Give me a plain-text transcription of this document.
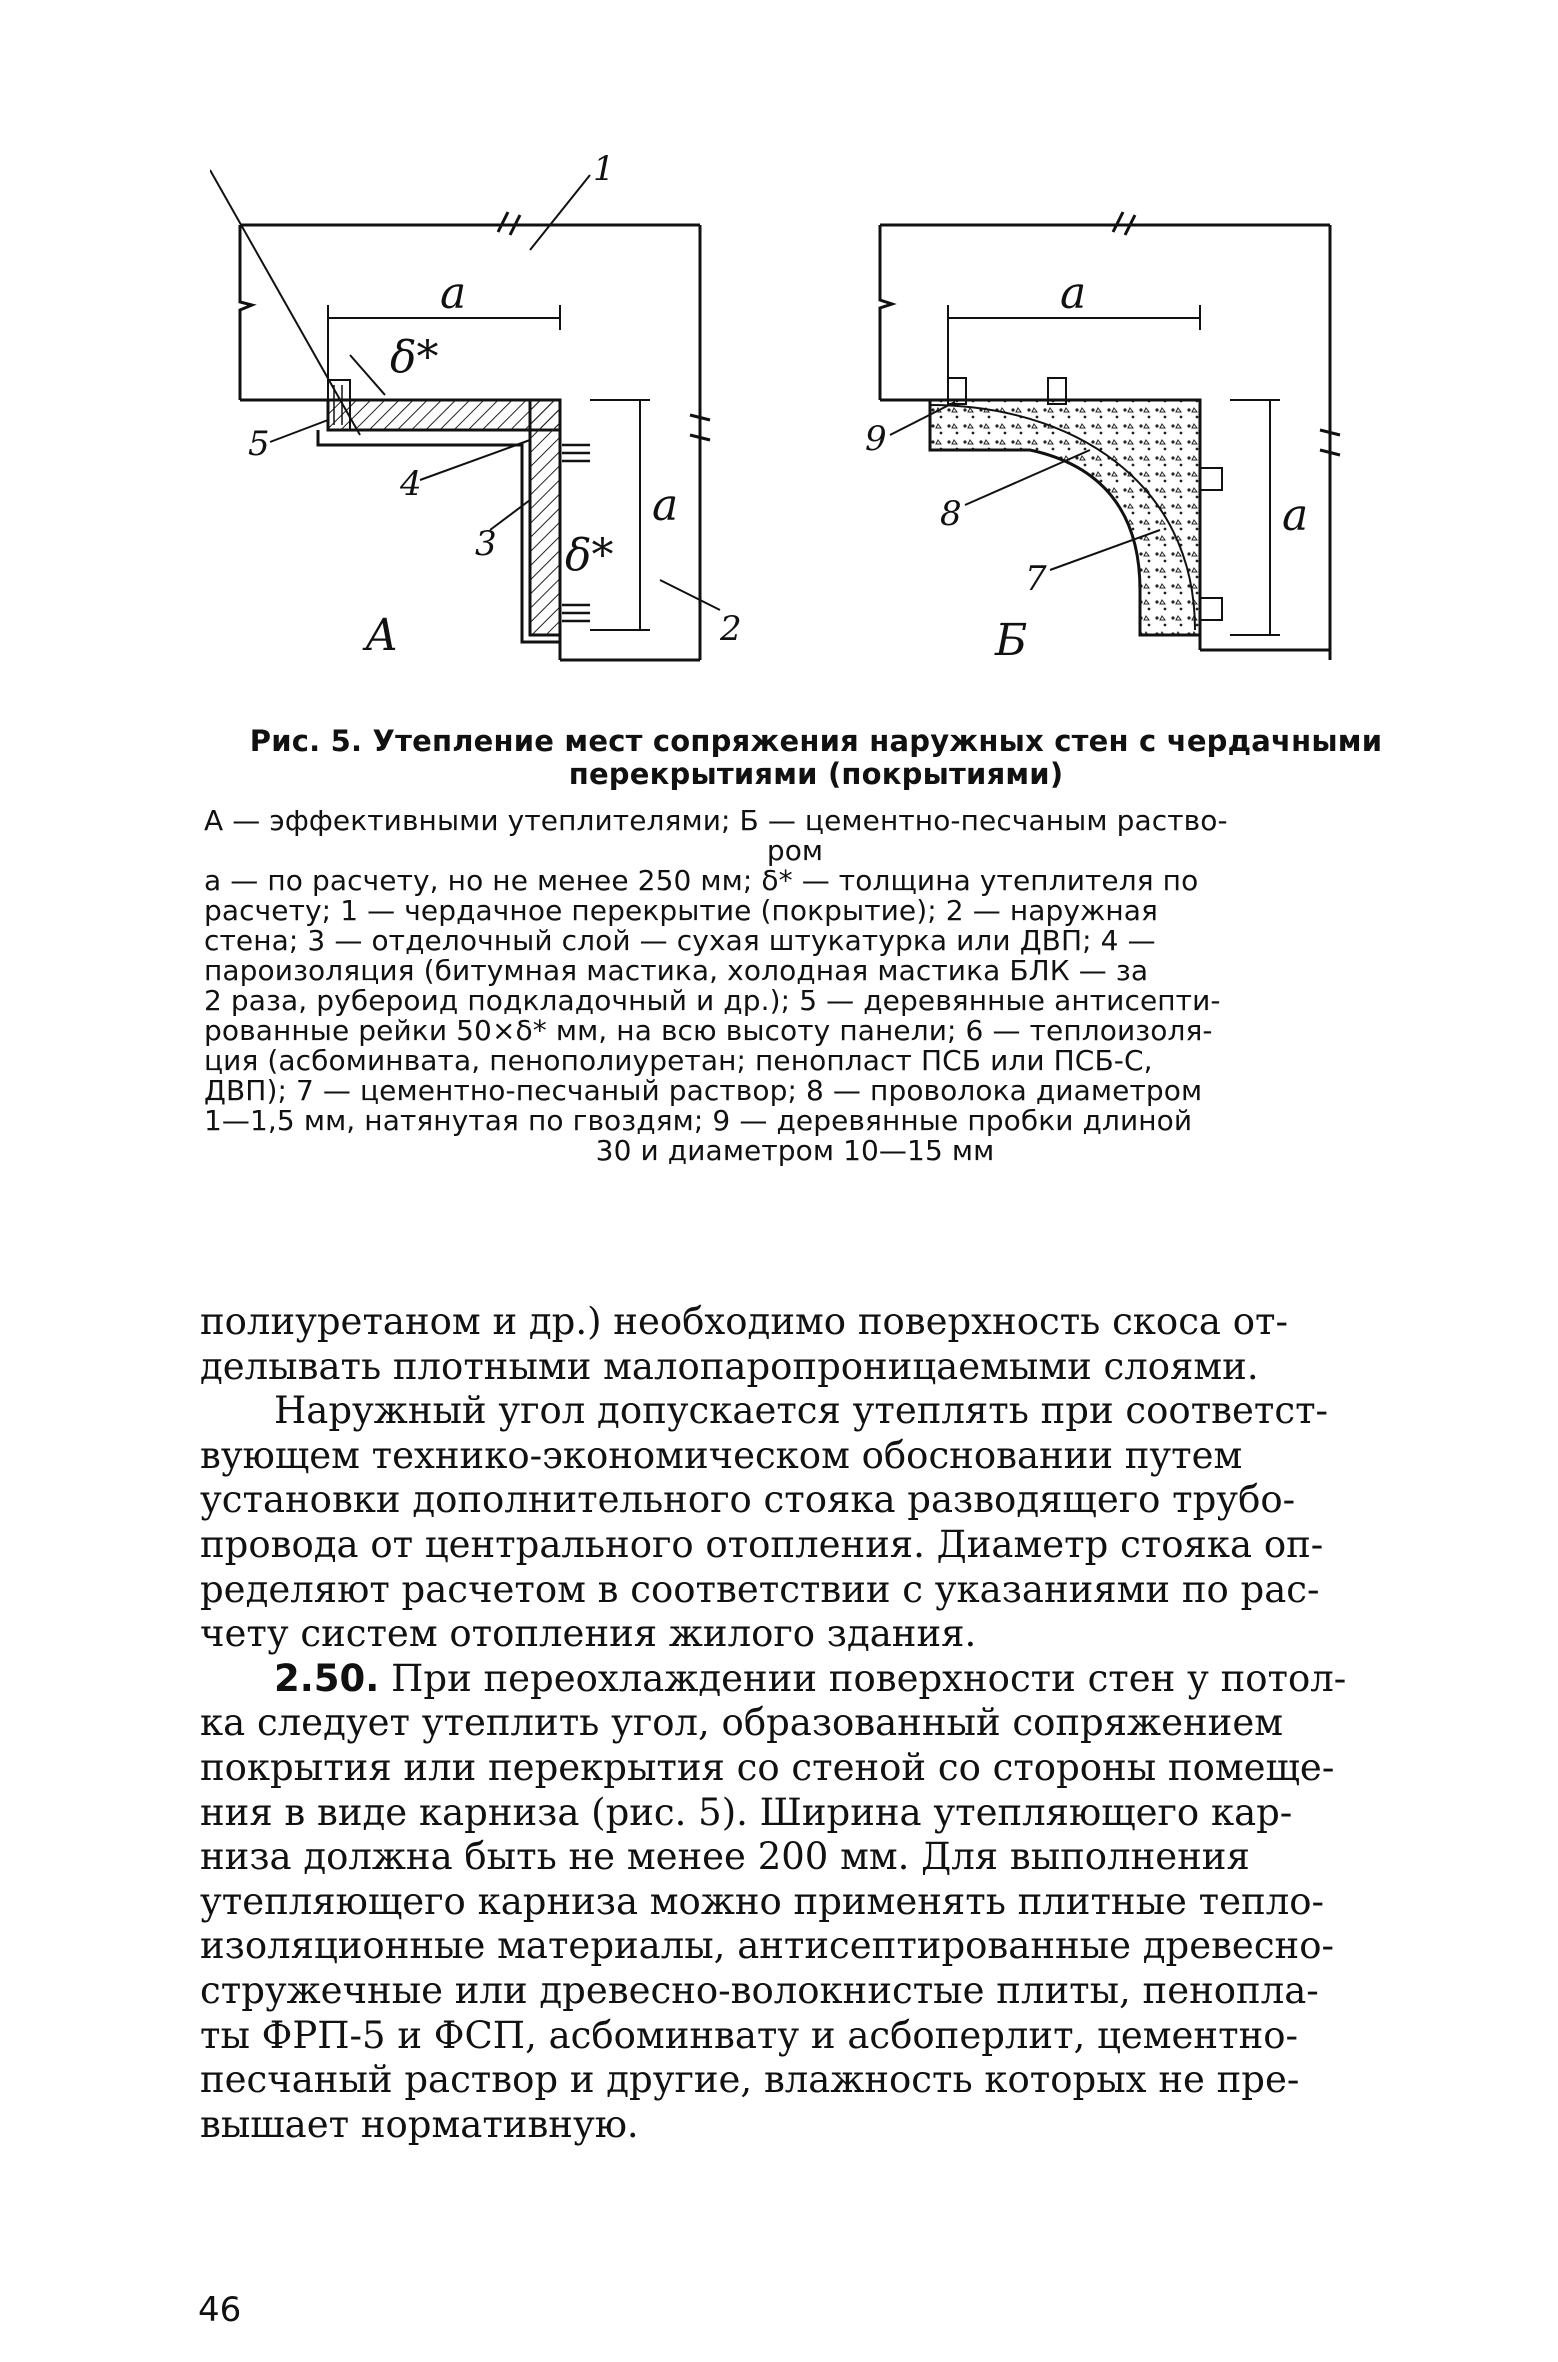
a
δ*
a
δ*
А
1
2
3
4
5
a
a
Б
7
8
9
Рис. 5. Утепление мест сопряжения наружных стен с чердачными
перекрытиями (покрытиями)

А — эффективными утеплителями; Б — цементно-песчаным раство-

ром

а — по расчету, но не менее 250 мм; δ* — толщина утеплителя по

расчету; 1 — чердачное перекрытие (покрытие); 2 — наружная

стена; 3 — отделочный слой — сухая штукатурка или ДВП; 4 —

пароизоляция (битумная мастика, холодная мастика БЛК — за

2 раза, рубероид подкладочный и др.); 5 — деревянные антисепти-

рованные рейки 50×δ* мм, на всю высоту панели; 6 — теплоизоля-

ция (асбоминвата, пенополиуретан; пенопласт ПСБ или ПСБ-С,

ДВП); 7 — цементно-песчаный раствор; 8 — проволока диаметром

1—1,5 мм, натянутая по гвоздям; 9 — деревянные пробки длиной

30 и диаметром 10—15 мм

полиуретаном и др.) необходимо поверхность скоса от-

делывать плотными малопаропроницаемыми слоями.

Наружный угол допускается утеплять при соответст-

вующем технико-экономическом обосновании путем

установки дополнительного стояка разводящего трубо-

провода от центрального отопления. Диаметр стояка оп-

ределяют расчетом в соответствии с указаниями по рас-

чету систем отопления жилого здания.

2.50. При переохлаждении поверхности стен у потол-

ка следует утеплить угол, образованный сопряжением

покрытия или перекрытия со стеной со стороны помеще-

ния в виде карниза (рис. 5). Ширина утепляющего кар-

низа должна быть не менее 200 мм. Для выполнения

утепляющего карниза можно применять плитные тепло-

изоляционные материалы, антисептированные древесно-

стружечные или древесно-волокнистые плиты, пенопла-

ты ФРП-5 и ФСП, асбоминвату и асбоперлит, цементно-

песчаный раствор и другие, влажность которых не пре-

вышает нормативную.

46
